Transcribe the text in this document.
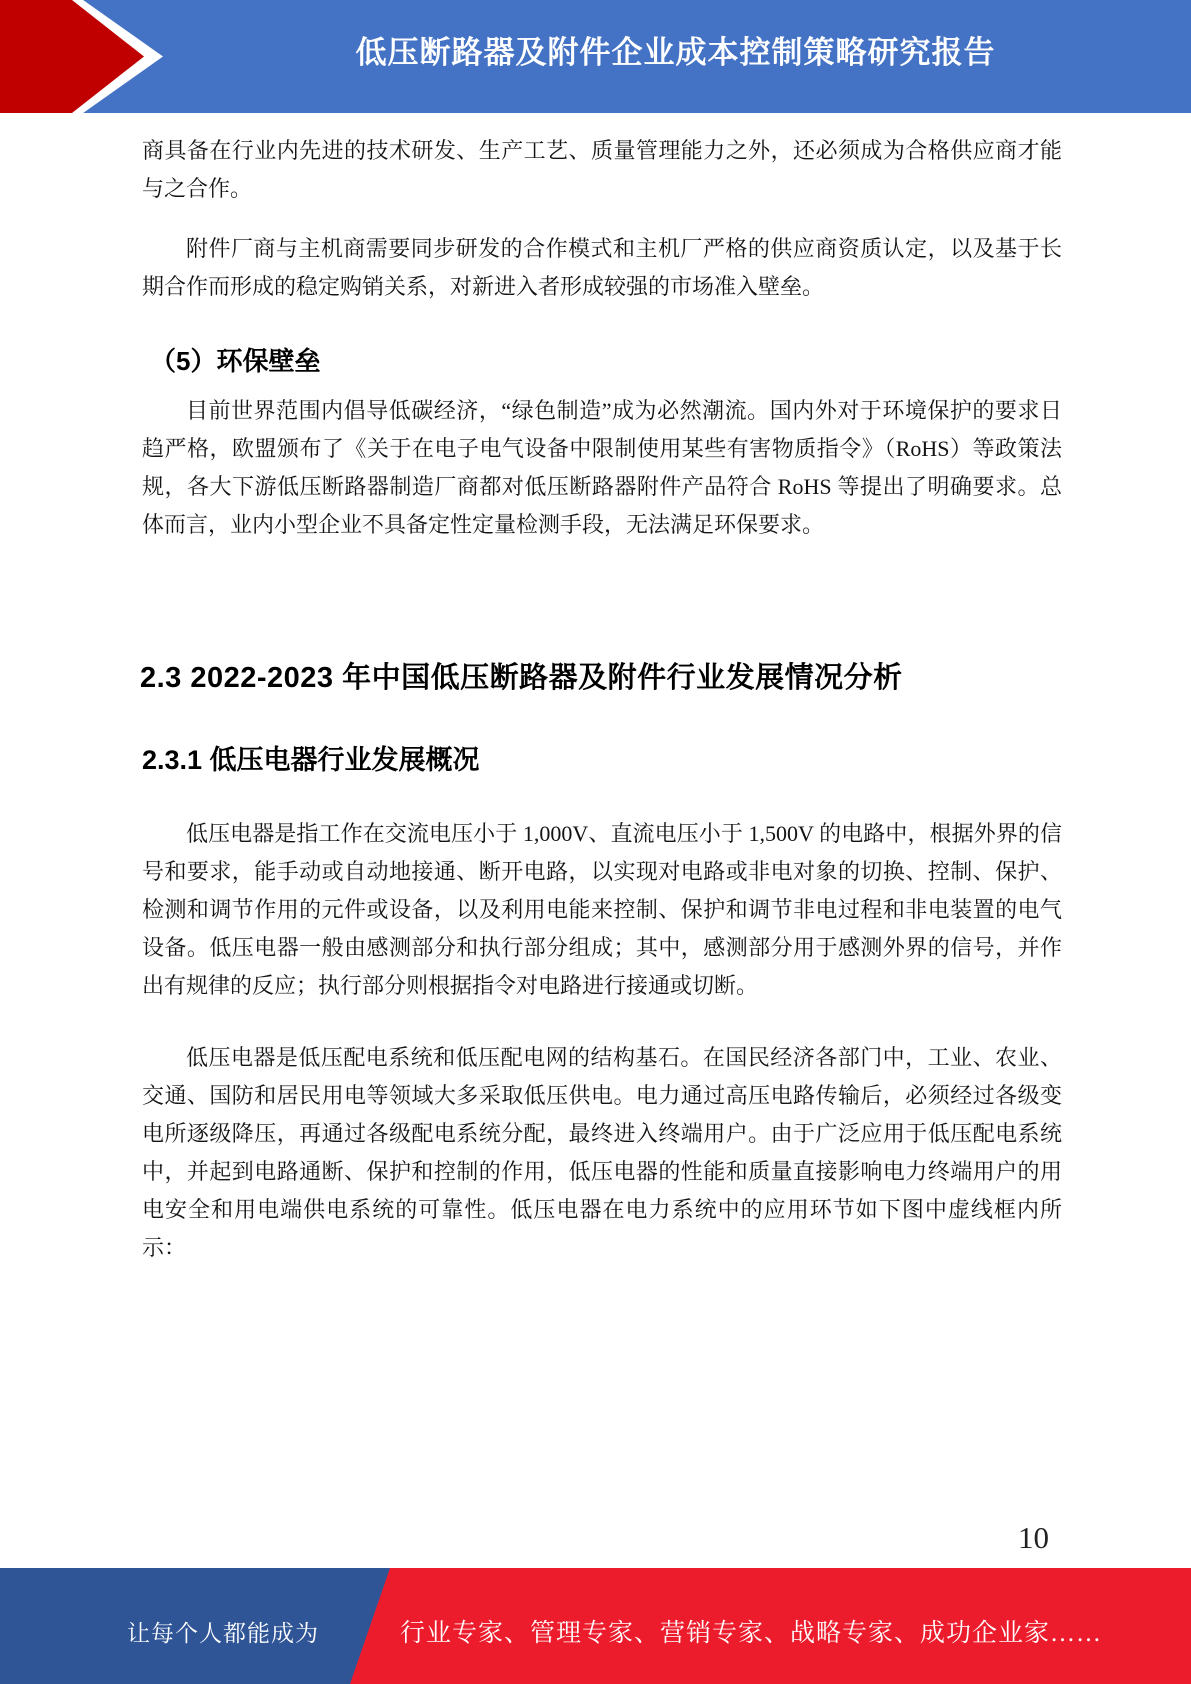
低压断路器及附件企业成本控制策略研究报告
商具备在行业内先进的技术研发、生产工艺、质量管理能力之外，还必须成为合格供应商才能与之合作。
附件厂商与主机商需要同步研发的合作模式和主机厂严格的供应商资质认定，以及基于长期合作而形成的稳定购销关系，对新进入者形成较强的市场准入壁垒。
（5）环保壁垒
目前世界范围内倡导低碳经济，“绿色制造”成为必然潮流。国内外对于环境保护的要求日趋严格，欧盟颁布了《关于在电子电气设备中限制使用某些有害物质指令》（RoHS）等政策法规，各大下游低压断路器制造厂商都对低压断路器附件产品符合 RoHS 等提出了明确要求。总体而言，业内小型企业不具备定性定量检测手段，无法满足环保要求。
2.3 2022-2023 年中国低压断路器及附件行业发展情况分析
2.3.1 低压电器行业发展概况
低压电器是指工作在交流电压小于 1,000V、直流电压小于 1,500V 的电路中，根据外界的信号和要求，能手动或自动地接通、断开电路，以实现对电路或非电对象的切换、控制、保护、检测和调节作用的元件或设备，以及利用电能来控制、保护和调节非电过程和非电装置的电气设备。低压电器一般由感测部分和执行部分组成；其中，感测部分用于感测外界的信号，并作出有规律的反应；执行部分则根据指令对电路进行接通或切断。
低压电器是低压配电系统和低压配电网的结构基石。在国民经济各部门中，工业、农业、交通、国防和居民用电等领域大多采取低压供电。电力通过高压电路传输后，必须经过各级变电所逐级降压，再通过各级配电系统分配，最终进入终端用户。由于广泛应用于低压配电系统中，并起到电路通断、保护和控制的作用，低压电器的性能和质量直接影响电力终端用户的用电安全和用电端供电系统的可靠性。低压电器在电力系统中的应用环节如下图中虚线框内所示：
10
让每个人都能成为	行业专家、管理专家、营销专家、战略专家、成功企业家……
